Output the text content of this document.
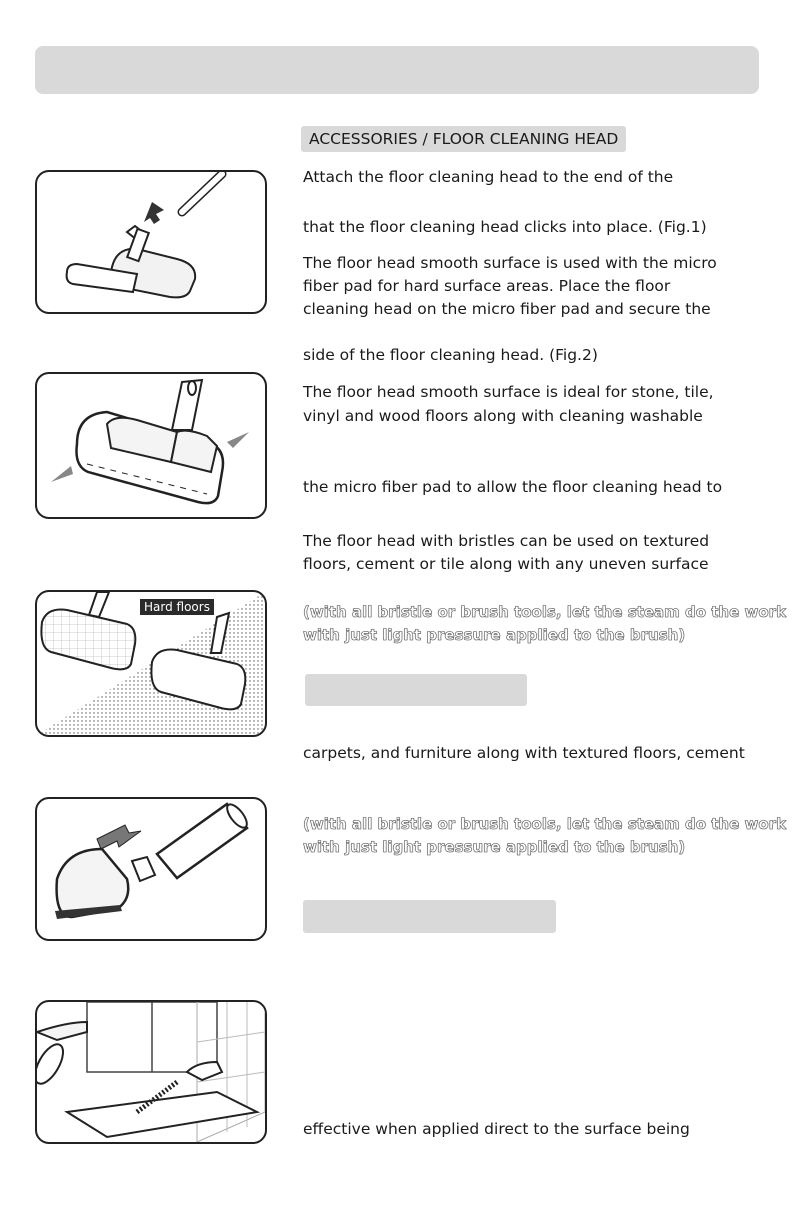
ACCESSORIES / FLOOR CLEANING HEAD
Attach the floor cleaning head to the end of the
that the floor cleaning head clicks into place. (Fig.1)
The floor head smooth surface is used with the micro
fiber pad for hard surface areas. Place the floor
cleaning head on the micro fiber pad and secure the
side of the floor cleaning head. (Fig.2)
The floor head smooth surface is ideal for stone, tile,
vinyl and wood floors along with cleaning washable
the micro fiber pad to allow the floor cleaning head to
The floor head with bristles can be used on textured
floors, cement or tile along with any uneven surface
(with all bristle or brush tools, let the steam do the work
with just light pressure applied to the brush)
carpets, and furniture along with textured floors, cement
(with all bristle or brush tools, let the steam do the work
with just light pressure applied to the brush)
effective when applied direct to the surface being
Hard floors
